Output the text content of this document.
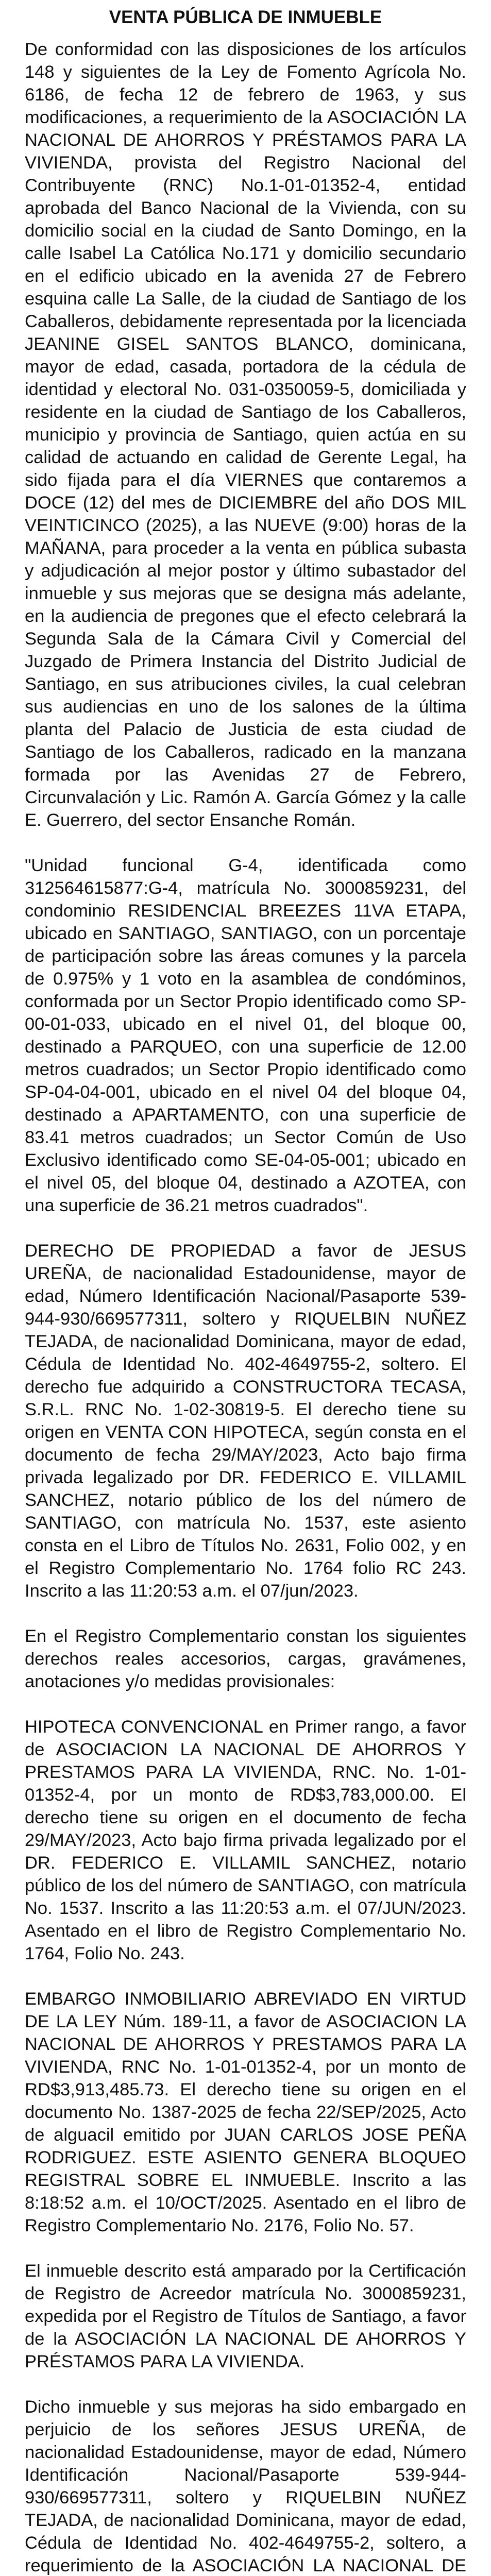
VENTA PÚBLICA DE INMUEBLE
De conformidad con las disposiciones de los artículos 148 y siguientes de la Ley de Fomento Agrícola No. 6186, de fecha 12 de febrero de 1963, y sus modificaciones, a requerimiento de la ASOCIACIÓN LA NACIONAL DE AHORROS Y PRÉSTAMOS PARA LA VIVIENDA, provista del Registro Nacional del Contribuyente (RNC) No.1-01-01352-4, entidad aprobada del Banco Nacional de la Vivienda, con su domicilio social en la ciudad de Santo Domingo, en la calle Isabel La Católica No.171 y domicilio secundario en el edificio ubicado en la avenida 27 de Febrero esquina calle La Salle, de la ciudad de Santiago de los Caballeros, debidamente representada por la licenciada JEANINE GISEL SANTOS BLANCO, dominicana, mayor de edad, casada, portadora de la cédula de identidad y electoral No. 031-0350059-5, domiciliada y residente en la ciudad de Santiago de los Caballeros, municipio y provincia de Santiago, quien actúa en su calidad de actuando en calidad de Gerente Legal, ha sido fijada para el día VIERNES que contaremos a DOCE (12) del mes de DICIEMBRE del año DOS MIL VEINTICINCO (2025), a las NUEVE (9:00) horas de la MAÑANA, para proceder a la venta en pública subasta y adjudicación al mejor postor y último subastador del inmueble y sus mejoras que se designa más adelante, en la audiencia de pregones que el efecto celebrará la Segunda Sala de la Cámara Civil y Comercial del Juzgado de Primera Instancia del Distrito Judicial de Santiago, en sus atribuciones civiles, la cual celebran sus audiencias en uno de los salones de la última planta del Palacio de Justicia de esta ciudad de Santiago de los Caballeros, radicado en la manzana formada por las Avenidas 27 de Febrero, Circunvalación y Lic. Ramón A. García Gómez y la calle E. Guerrero, del sector Ensanche Román.
"Unidad funcional G-4, identificada como 312564615877:G-4, matrícula No. 3000859231, del condominio RESIDENCIAL BREEZES 11VA ETAPA, ubicado en SANTIAGO, SANTIAGO, con un porcentaje de participación sobre las áreas comunes y la parcela de 0.975% y 1 voto en la asamblea de condóminos, conformada por un Sector Propio identificado como SP-00-01-033, ubicado en el nivel 01, del bloque 00, destinado a PARQUEO, con una superficie de 12.00 metros cuadrados; un Sector Propio identificado como SP-04-04-001, ubicado en el nivel 04 del bloque 04, destinado a APARTAMENTO, con una superficie de 83.41 metros cuadrados; un Sector Común de Uso Exclusivo identificado como SE-04-05-001; ubicado en el nivel 05, del bloque 04, destinado a AZOTEA, con una superficie de 36.21 metros cuadrados".
DERECHO DE PROPIEDAD a favor de JESUS UREÑA, de nacionalidad Estadounidense, mayor de edad, Número Identificación Nacional/Pasaporte 539-944-930/669577311, soltero y RIQUELBIN NUÑEZ TEJADA, de nacionalidad Dominicana, mayor de edad, Cédula de Identidad No. 402-4649755-2, soltero. El derecho fue adquirido a CONSTRUCTORA TECASA, S.R.L. RNC No. 1-02-30819-5. El derecho tiene su origen en VENTA CON HIPOTECA, según consta en el documento de fecha 29/MAY/2023, Acto bajo firma privada legalizado por DR. FEDERICO E. VILLAMIL SANCHEZ, notario público de los del número de SANTIAGO, con matrícula No. 1537, este asiento consta en el Libro de Títulos No. 2631, Folio 002, y en el Registro Complementario No. 1764 folio RC 243. Inscrito a las 11:20:53 a.m. el 07/jun/2023.
En el Registro Complementario constan los siguientes derechos reales accesorios, cargas, gravámenes, anotaciones y/o medidas provisionales:
HIPOTECA CONVENCIONAL en Primer rango, a favor de ASOCIACION LA NACIONAL DE AHORROS Y PRESTAMOS PARA LA VIVIENDA, RNC. No. 1-01-01352-4, por un monto de RD$3,783,000.00. El derecho tiene su origen en el documento de fecha 29/MAY/2023, Acto bajo firma privada legalizado por el DR. FEDERICO E. VILLAMIL SANCHEZ, notario público de los del número de SANTIAGO, con matrícula No. 1537. Inscrito a las 11:20:53 a.m. el 07/JUN/2023. Asentado en el libro de Registro Complementario No. 1764, Folio No. 243.
EMBARGO INMOBILIARIO ABREVIADO EN VIRTUD DE LA LEY Núm. 189-11, a favor de ASOCIACION LA NACIONAL DE AHORROS Y PRESTAMOS PARA LA VIVIENDA, RNC No. 1-01-01352-4, por un monto de RD$3,913,485.73. El derecho tiene su origen en el documento No. 1387-2025 de fecha 22/SEP/2025, Acto de alguacil emitido por JUAN CARLOS JOSE PEÑA RODRIGUEZ. ESTE ASIENTO GENERA BLOQUEO REGISTRAL SOBRE EL INMUEBLE. Inscrito a las 8:18:52 a.m. el 10/OCT/2025. Asentado en el libro de Registro Complementario No. 2176, Folio No. 57.
El inmueble descrito está amparado por la Certificación de Registro de Acreedor matrícula No. 3000859231, expedida por el Registro de Títulos de Santiago, a favor de la ASOCIACIÓN LA NACIONAL DE AHORROS Y PRÉSTAMOS PARA LA VIVIENDA.
Dicho inmueble y sus mejoras ha sido embargado en perjuicio de los señores JESUS UREÑA, de nacionalidad Estadounidense, mayor de edad, Número Identificación Nacional/Pasaporte 539-944-930/669577311, soltero y RIQUELBIN NUÑEZ TEJADA, de nacionalidad Dominicana, mayor de edad, Cédula de Identidad No. 402-4649755-2, soltero, a requerimiento de la ASOCIACIÓN LA NACIONAL DE
